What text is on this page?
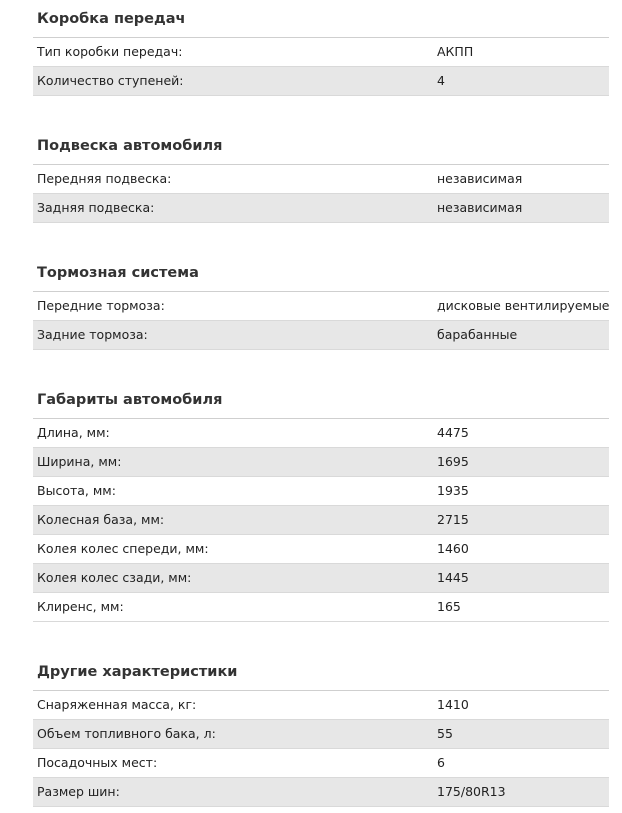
Коробка передач
Тип коробки передач:	АКПП
Количество ступеней:	4
Подвеска автомобиля
Передняя подвеска:	независимая
Задняя подвеска:	независимая
Тормозная система
Передние тормоза:	дисковые вентилируемые
Задние тормоза:	барабанные
Габариты автомобиля
Длина, мм:	4475
Ширина, мм:	1695
Высота, мм:	1935
Колесная база, мм:	2715
Колея колес спереди, мм:	1460
Колея колес сзади, мм:	1445
Клиренс, мм:	165
Другие характеристики
Снаряженная масса, кг:	1410
Объем топливного бака, л:	55
Посадочных мест:	6
Размер шин:	175/80R13
